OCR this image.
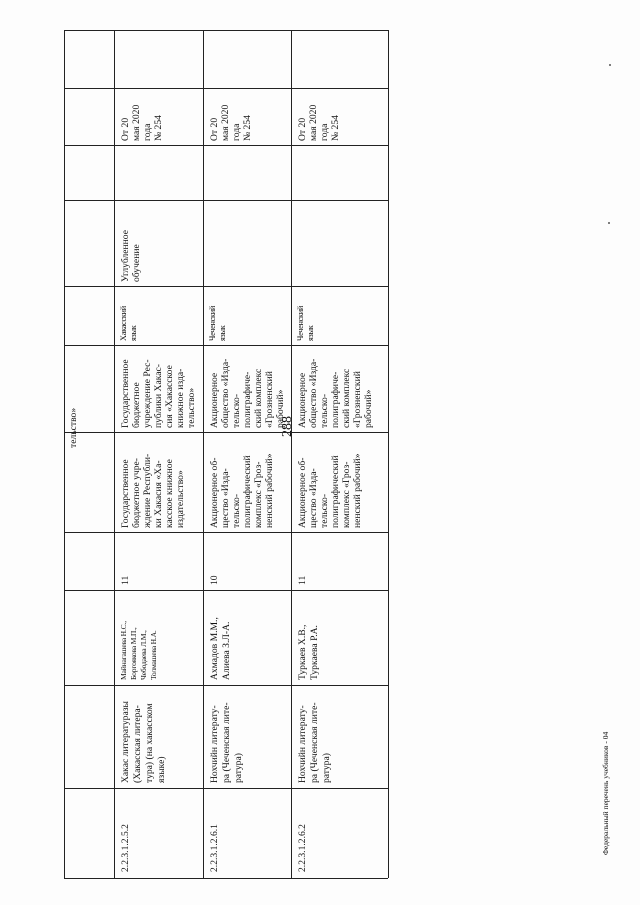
288
тельство»
2.2.3.1.2.5.2
Хакас литературазы (Хакасская литера- тура) (на хакасском языке)
Майнагашева Н.С., Боргоякова М.П., Чебодаева Л.М., Толмашева Н.А.
11
Государственное бюджетное учре- ждение Республи- ки Хакасия «Ха- касское книжное издательство»
Государственное бюджетное учреждение Рес- публики Хакас- сия «Хакасское книжное изда- тельство»
Хакасский язык
Углубленное обучение
От 20 мая 2020 года № 254
2.2.3.1.2.6.1
Нохчийн литерату- ра (Чеченская лите- ратура)
Ахмадов М.М., Алиева З.Л-А.
10
Акционерное об- щество «Изда- тельско- полиграфический комплекс «Гроз- ненский рабочий»
Акционерное общество «Изда- тельско- полиграфиче- ский комплекс «Грозненский рабочий»
Чеченский язык
От 20 мая 2020 года № 254
2.2.3.1.2.6.2
Нохчийн литерату- ра (Чеченская лите- ратура)
Туркаев Х.В., Туркаева Р.А.
11
Акционерное об- щество «Изда- тельско- полиграфический комплекс «Гроз- ненский рабочий»
Акционерное общество «Изда- тельско- полиграфиче- ский комплекс «Грозненский рабочий»
Чеченский язык
От 20 мая 2020 года № 254
Федеральный перечень учебников - 04
